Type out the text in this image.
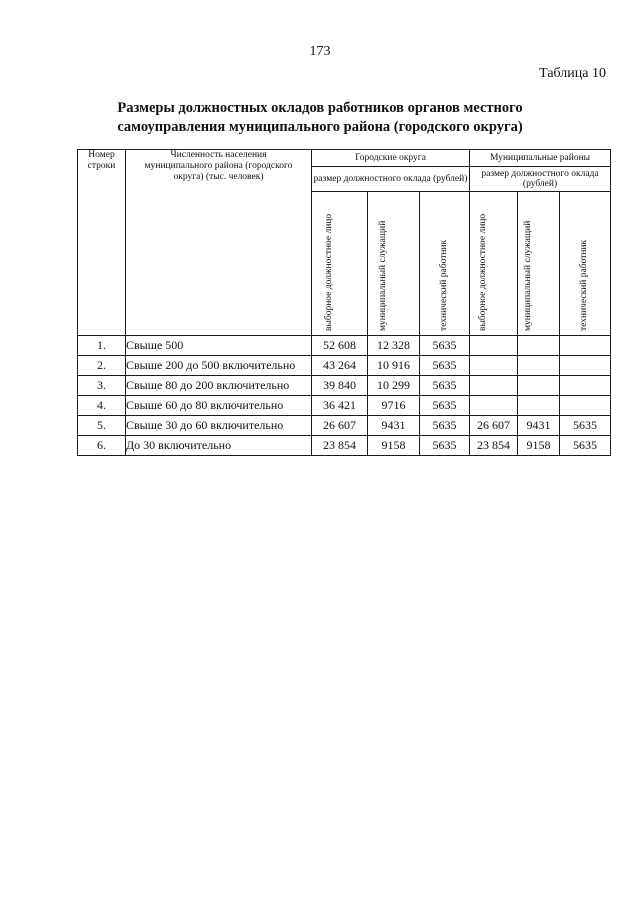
173
Таблица 10
Размеры должностных окладов работников органов местного
самоуправления муниципального района (городского округа)
Номер строки	Численность населения муниципального района (городского округа) (тыс. человек)	Городские округа			Муниципальные районы		
		размер должностного оклада (рублей)			размер должностного оклада (рублей)		

		выборное должностное лицо	муниципальный служащий	технический работник	выборное должностное лицо	муниципальный служащий	технический работник

1.	Свыше 500	52 608	12 328	5635			
2.	Свыше 200 до 500 включительно	43 264	10 916	5635			
3.	Свыше 80 до 200 включительно	39 840	10 299	5635			
4.	Свыше 60 до 80 включительно	36 421	9716	5635			
5.	Свыше 30 до 60 включительно	26 607	9431	5635	26 607	9431	5635
6.	До 30 включительно	23 854	9158	5635	23 854	9158	5635
